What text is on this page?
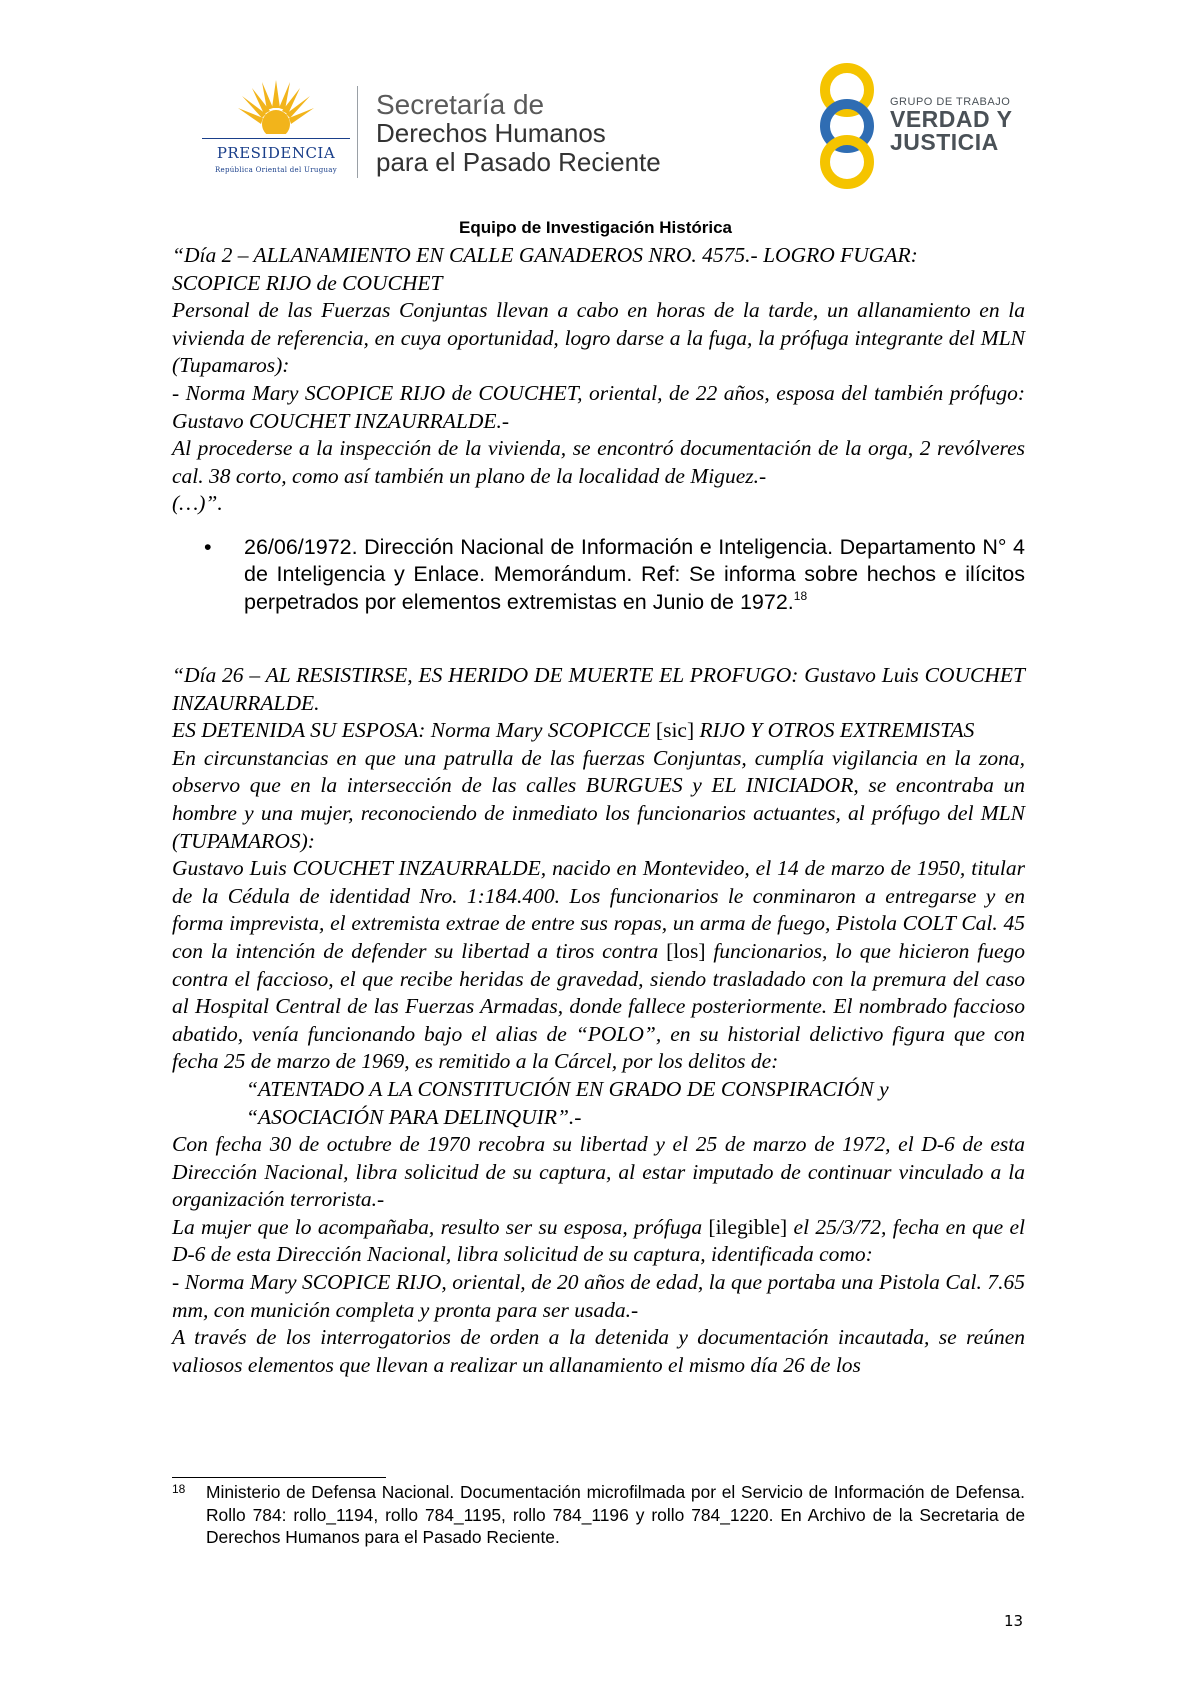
PRESIDENCIA
República Oriental del Uruguay
Secretaría de
Derechos Humanos
para el Pasado Reciente
GRUPO DE TRABAJO
VERDAD Y
JUSTICIA
Equipo de Investigación Histórica

“Día 2 – ALLANAMIENTO EN CALLE GANADEROS NRO. 4575.- LOGRO FUGAR:

SCOPICE RIJO de COUCHET

Personal de las Fuerzas Conjuntas llevan a cabo en horas de la tarde, un allanamiento en la vivienda de referencia, en cuya oportunidad, logro darse a la fuga, la prófuga integrante del MLN (Tupamaros):

- Norma Mary SCOPICE RIJO de COUCHET, oriental, de 22 años, esposa del también prófugo: Gustavo COUCHET INZAURRALDE.-

Al procederse a la inspección de la vivienda, se encontró documentación de la orga, 2 revólveres cal. 38 corto, como así también un plano de la localidad de Miguez.-

(…)”.

• 26/06/1972. Dirección Nacional de Información e Inteligencia. Departamento N° 4 de Inteligencia y Enlace. Memorándum. Ref: Se informa sobre hechos e ilícitos perpetrados por elementos extremistas en Junio de 1972.18

“Día 26 – AL RESISTIRSE, ES HERIDO DE MUERTE EL PROFUGO: Gustavo Luis COUCHET INZAURRALDE.

ES DETENIDA SU ESPOSA: Norma Mary SCOPICCE [sic] RIJO Y OTROS EXTREMISTAS

En circunstancias en que una patrulla de las fuerzas Conjuntas, cumplía vigilancia en la zona, observo que en la intersección de las calles BURGUES y EL INICIADOR, se encontraba un hombre y una mujer, reconociendo de inmediato los funcionarios actuantes, al prófugo del MLN (TUPAMAROS):

Gustavo Luis COUCHET INZAURRALDE, nacido en Montevideo, el 14 de marzo de 1950, titular de la Cédula de identidad Nro. 1:184.400. Los funcionarios le conminaron a entregarse y en forma imprevista, el extremista extrae de entre sus ropas, un arma de fuego, Pistola COLT Cal. 45 con la intención de defender su libertad a tiros contra [los] funcionarios, lo que hicieron fuego contra el faccioso, el que recibe heridas de gravedad, siendo trasladado con la premura del caso al Hospital Central de las Fuerzas Armadas, donde fallece posteriormente. El nombrado faccioso abatido, venía funcionando bajo el alias de “POLO”, en su historial delictivo figura que con fecha 25 de marzo de 1969, es remitido a la Cárcel, por los delitos de:

“ATENTADO A LA CONSTITUCIÓN EN GRADO DE CONSPIRACIÓN y

“ASOCIACIÓN PARA DELINQUIR”.-

Con fecha 30 de octubre de 1970 recobra su libertad y el 25 de marzo de 1972, el D-6 de esta Dirección Nacional, libra solicitud de su captura, al estar imputado de continuar vinculado a la organización terrorista.-

La mujer que lo acompañaba, resulto ser su esposa, prófuga [ilegible] el 25/3/72, fecha en que el D-6 de esta Dirección Nacional, libra solicitud de su captura, identificada como:

- Norma Mary SCOPICE RIJO, oriental, de 20 años de edad, la que portaba una Pistola Cal. 7.65 mm, con munición completa y pronta para ser usada.-

A través de los interrogatorios de orden a la detenida y documentación incautada, se reúnen valiosos elementos que llevan a realizar un allanamiento el mismo día 26 de los

18 Ministerio de Defensa Nacional. Documentación microfilmada por el Servicio de Información de Defensa. Rollo 784: rollo_1194, rollo 784_1195, rollo 784_1196 y rollo 784_1220. En Archivo de la Secretaria de Derechos Humanos para el Pasado Reciente.
13
